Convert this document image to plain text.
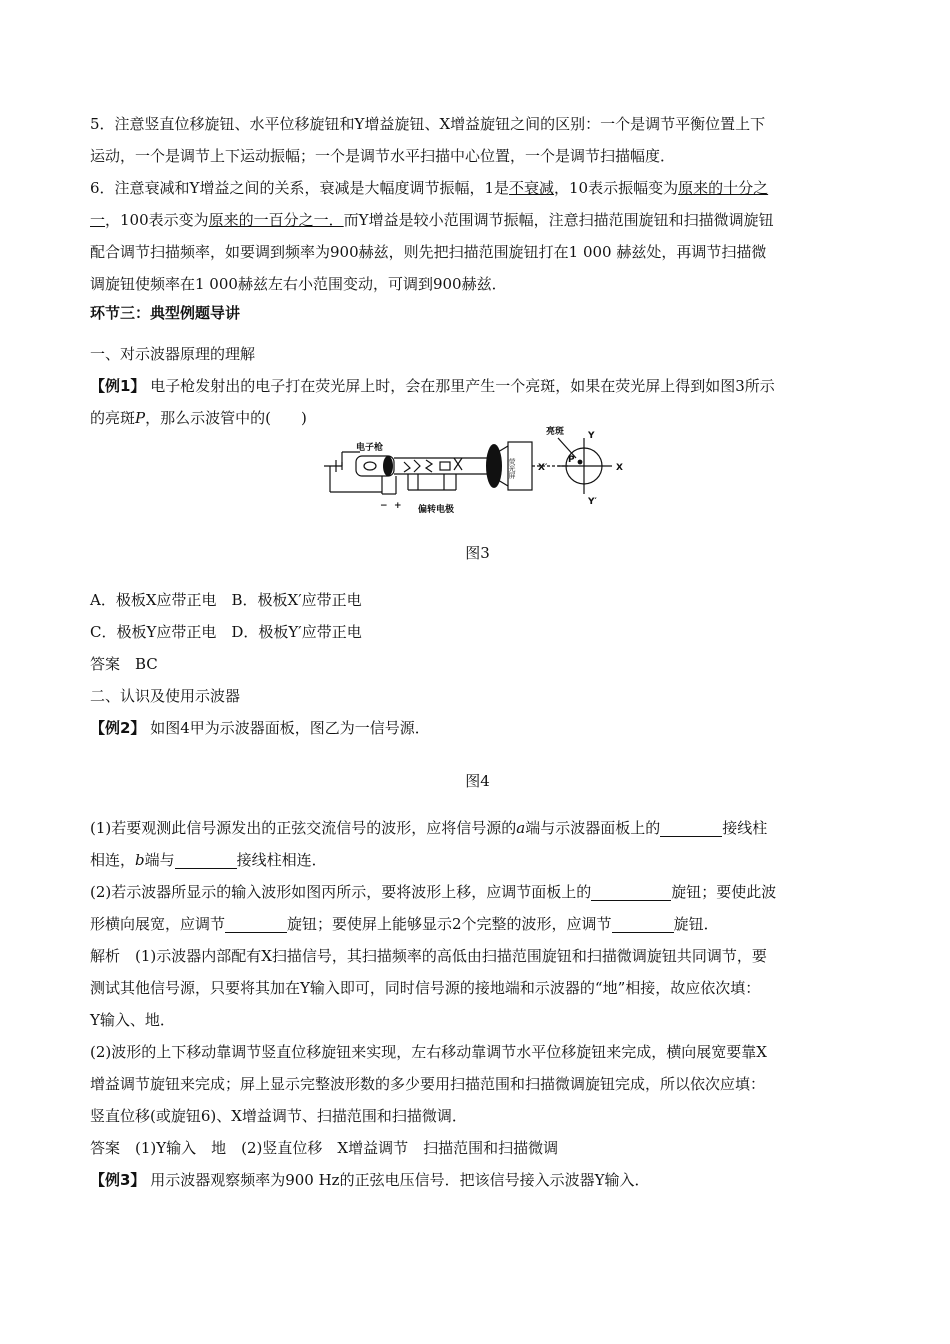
5．注意竖直位移旋钮、水平位移旋钮和Y增益旋钮、X增益旋钮之间的区别：一个是调节平衡位置上下

运动，一个是调节上下运动振幅；一个是调节水平扫描中心位置，一个是调节扫描幅度．

6．注意衰减和Y增益之间的关系，衰减是大幅度调节振幅，1是不衰减，10表示振幅变为原来的十分之

一，100表示变为原来的一百分之一．而Y增益是较小范围调节振幅，注意扫描范围旋钮和扫描微调旋钮

配合调节扫描频率，如要调到频率为900赫兹，则先把扫描范围旋钮打在1 000 赫兹处，再调节扫描微

调旋钮使频率在1 000赫兹左右小范围变动，可调到900赫兹．

环节三：典型例题导讲

一、对示波器原理的理解

【例1】 电子枪发射出的电子打在荧光屏上时，会在那里产生一个亮斑，如果在荧光屏上得到如图3所示

的亮斑P，那么示波管中的(　　)

电子枪
亮斑
偏转电极
Y
Y′
X
X′
P
− +
荧光屏

图3

A．极板X应带正电　B．极板X′应带正电

C．极板Y应带正电　D．极板Y′应带正电

答案　BC

二、认识及使用示波器

【例2】 如图4甲为示波器面板，图乙为一信号源．

图4

(1)若要观测此信号源发出的正弦交流信号的波形，应将信号源的a端与示波器面板上的	接线柱

相连，b端与	接线柱相连．

(2)若示波器所显示的输入波形如图丙所示，要将波形上移，应调节面板上的	旋钮；要使此波

形横向展宽，应调节	旋钮；要使屏上能够显示2个完整的波形，应调节	旋钮．

解析　(1)示波器内部配有X扫描信号，其扫描频率的高低由扫描范围旋钮和扫描微调旋钮共同调节，要

测试其他信号源，只要将其加在Y输入即可，同时信号源的接地端和示波器的“地”相接，故应依次填：

Y输入、地．

(2)波形的上下移动靠调节竖直位移旋钮来实现，左右移动靠调节水平位移旋钮来完成，横向展宽要靠X

增益调节旋钮来完成；屏上显示完整波形数的多少要用扫描范围和扫描微调旋钮完成，所以依次应填：

竖直位移(或旋钮6)、X增益调节、扫描范围和扫描微调．

答案　(1)Y输入　地　(2)竖直位移　X增益调节　扫描范围和扫描微调

【例3】 用示波器观察频率为900 Hz的正弦电压信号．把该信号接入示波器Y输入．
